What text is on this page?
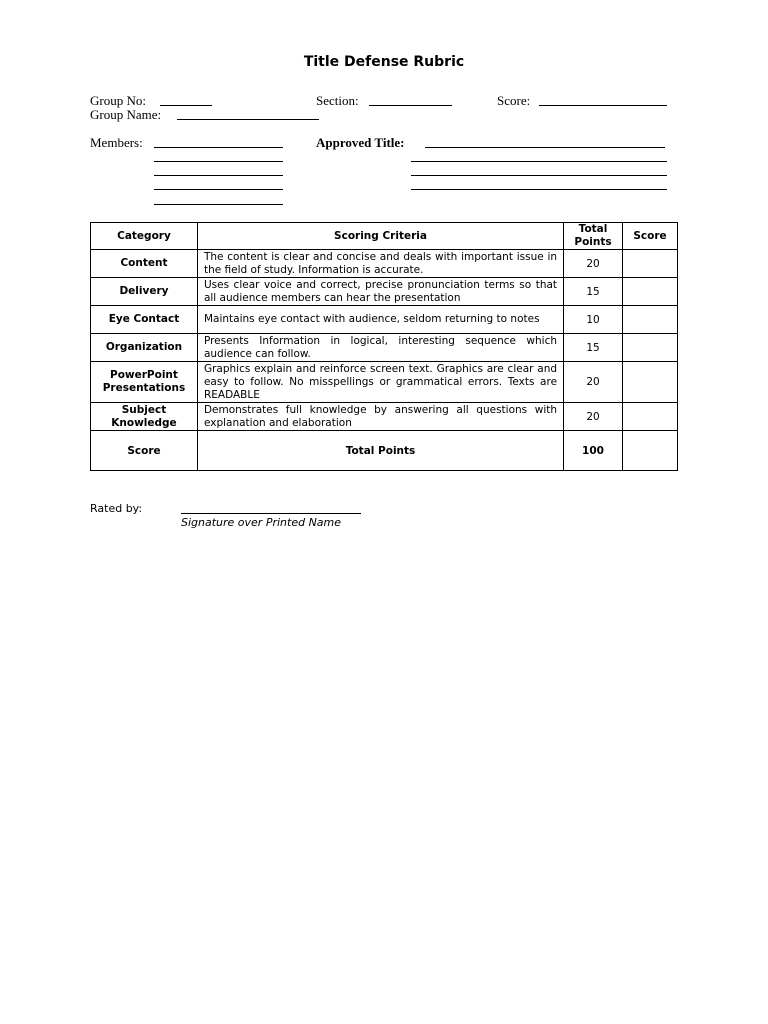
Title Defense Rubric
Group No:	Section:	Score:
Group Name:
Members:	Approved Title:
Category	Scoring Criteria	Total Points	Score
Content	The content is clear and concise and deals with important issue in the field of study. Information is accurate.	20	
Delivery	Uses clear voice and correct, precise pronunciation terms so that all audience members can hear the presentation	15	
Eye Contact	Maintains eye contact with audience, seldom returning to notes	10	
Organization	Presents Information in logical, interesting sequence which audience can follow.	15	
PowerPoint Presentations	Graphics explain and reinforce screen text. Graphics are clear and easy to follow. No misspellings or grammatical errors. Texts are READABLE	20	
Subject Knowledge	Demonstrates full knowledge by answering all questions with explanation and elaboration	20	
Score	Total Points	100	
Rated by:
Signature over Printed Name
